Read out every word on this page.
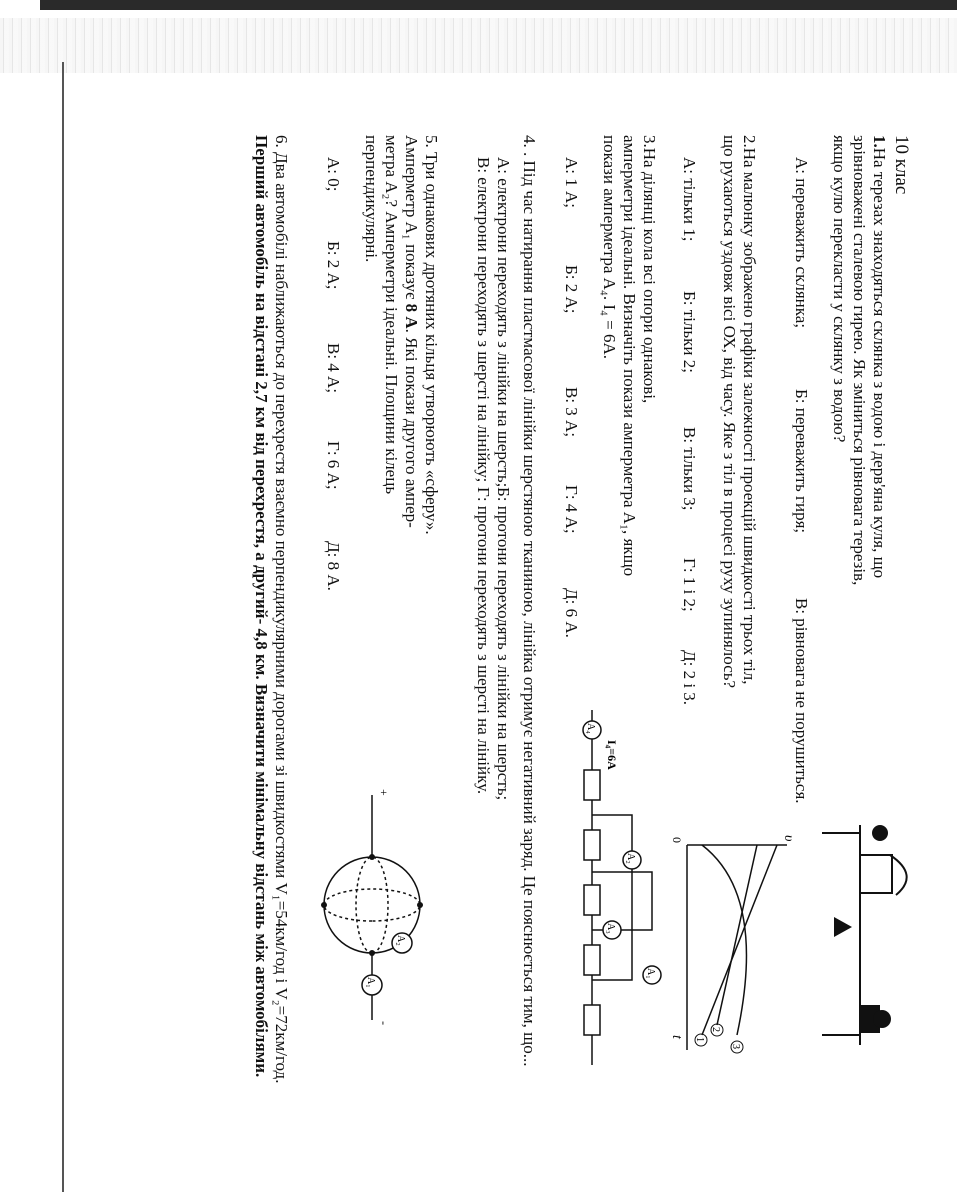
10 клас
1.На терезах знаходяться склянка з водою і дерв'яна куля, що
зрівноважені сталевою гирею. Як зміниться рівновага терезів,
якщо кулю перекласти у склянку з водою?
А: переважить склянка;
Б: переважить гиря;
В: рівновага не порушиться.
2.На малюнку зображено графіки залежності проекцій швидкості трьох тіл,
що рухаються уздовж вісі ОХ, від часу. Яке з тіл в процесі руху зупинялось?
А: тільки 1;
Б: тільки 2;
В: тільки 3;
Г: 1 і 2;
Д: 2 і 3.
υ
t
0
1
2
3
3.На ділянці кола всі опори однакові,
амперметри ідеальні. Визначіть покази амперметра A₁, якщо
покази амперметра A₄. I₄ = 6A.
А: 1 А;
Б: 2 А;
В: 3 А;
Г: 4 А;
Д: 6 А.
A₄
I₄=6A
A₂
A₃
A₁
4. . Під час натирання пластмасової лінійки шерстяною тканиною, лінійка отримує негативний заряд. Це пояснюється тим, що...
А: електрони переходять з лінійки на шерсть;
Б: протони переходять з лінійки на шерсть;
В: електрони переходять з шерсті на лінійку;
Г: протони переходять з шерсті на лінійку.
5. Три однакових дротяних кільця утворюють «сферу».
Амперметр A₁ показує 8 А. Які покази другого ампер-
метра A₂? Амперметри ідеальні. Площини кілець
перпендикулярні.
А: 0;
Б: 2 А;
В: 4 А;
Г: 6 А;
Д: 8 А.
+
-
A₁
A₂
6. Два автомобілі наближаються до перехрестя взаємно перпендикулярними дорогами зі швидкостями V₁=54км/год і V₂=72км/год.
Перший автомобіль на відстані 2,7 км від перехрестя, а другий- 4,8 км. Визначити мінімальну відстань між автомобілями.
